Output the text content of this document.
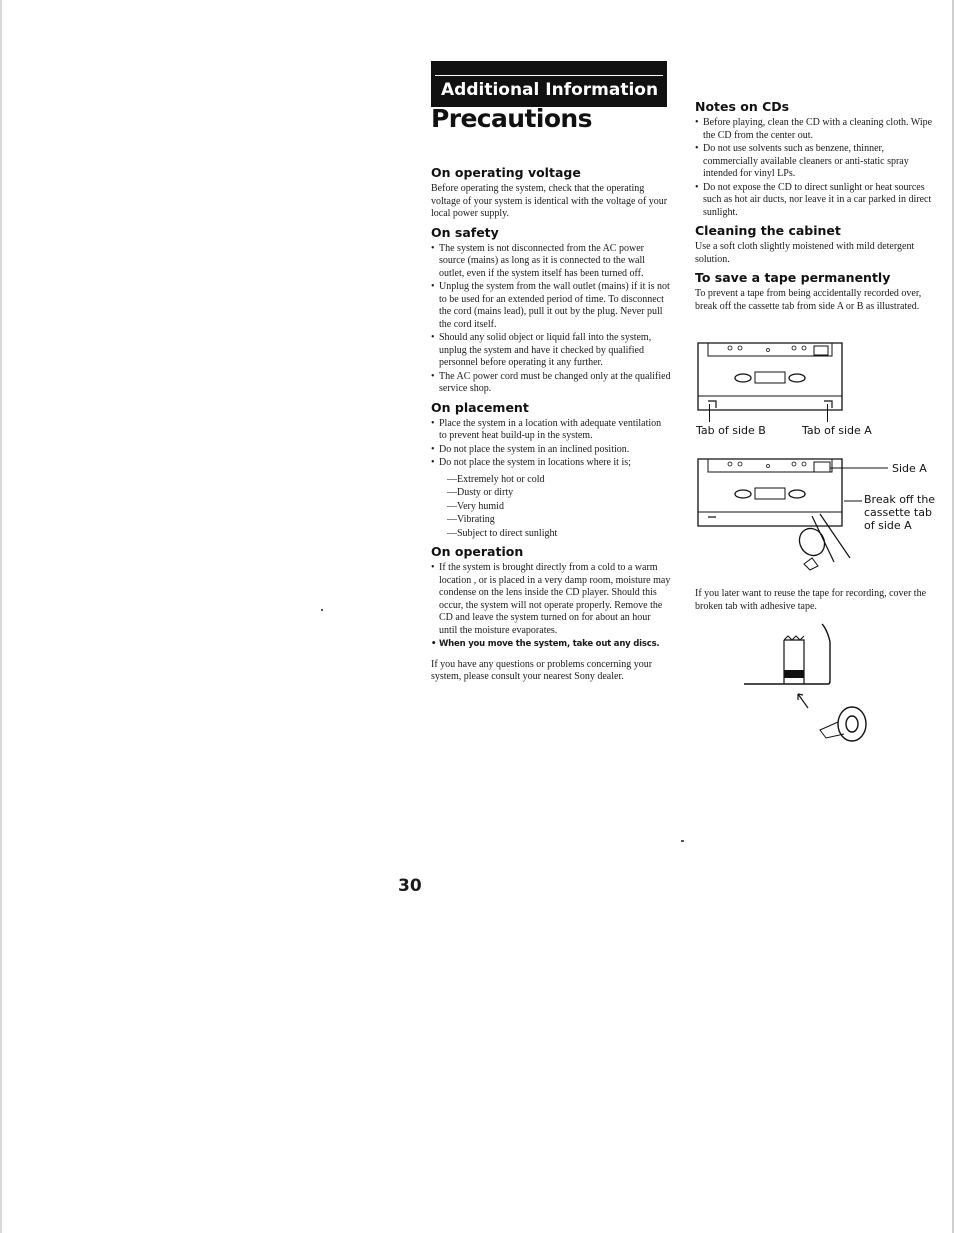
Additional Information
Precautions
On operating voltage

Before operating the system, check that the operating voltage of your system is identical with the voltage of your local power supply.

On safety
• The system is not disconnected from the AC power source (mains) as long as it is connected to the wall outlet, even if the system itself has been turned off.
• Unplug the system from the wall outlet (mains) if it is not to be used for an extended period of time. To disconnect the cord (mains lead), pull it out by the plug. Never pull the cord itself.
• Should any solid object or liquid fall into the system, unplug the system and have it checked by qualified personnel before operating it any further.
• The AC power cord must be changed only at the qualified service shop.
On placement
• Place the system in a location with adequate ventilation to prevent heat build-up in the system.
• Do not place the system in an inclined position.
• Do not place the system in locations where it is;
— Extremely hot or cold
— Dusty or dirty
— Very humid
— Vibrating
— Subject to direct sunlight
On operation
• If the system is brought directly from a cold to a warm location , or is placed in a very damp room, moisture may condense on the lens inside the CD player. Should this occur, the system will not operate properly. Remove the CD and leave the system turned on for about an hour until the moisture evaporates.
• When you move the system, take out any discs.

If you have any questions or problems concerning your system, please consult your nearest Sony dealer.

Notes on CDs
• Before playing, clean the CD with a cleaning cloth. Wipe the CD from the center out.
• Do not use solvents such as benzene, thinner, commercially available cleaners or anti-static spray intended for vinyl LPs.
• Do not expose the CD to direct sunlight or heat sources such as hot air ducts, nor leave it in a car parked in direct sunlight.
Cleaning the cabinet

Use a soft cloth slightly moistened with mild detergent solution.

To save a tape permanently

To prevent a tape from being accidentally recorded over, break off the cassette tab from side A or B as illustrated.

Tab of side B	Tab of side A
Side A
Break off the
cassette tab
of side A

If you later want to reuse the tape for recording, cover the broken tab with adhesive tape.

30
